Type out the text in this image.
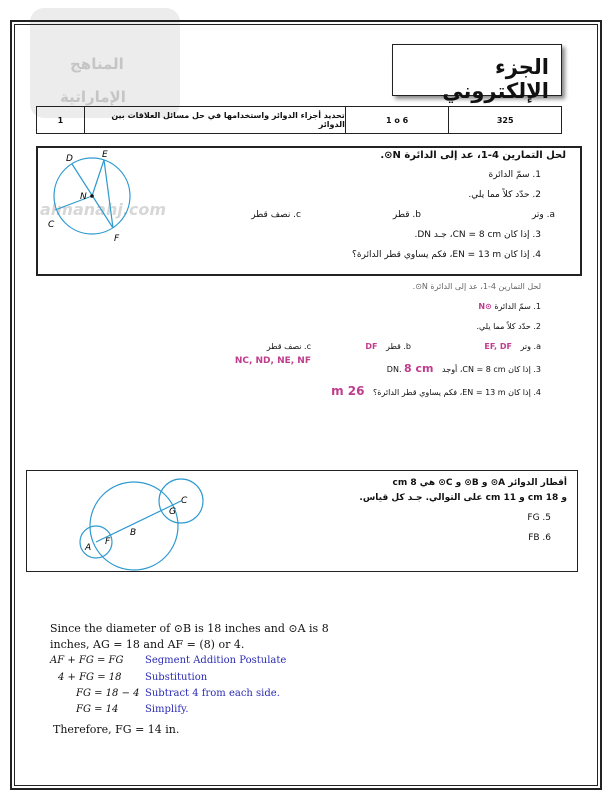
المناهج
الإماراتية
almanahj.com
الجزء الإلكتروني
1	تحديد أجزاء الدوائر واستخدامها في حل مسائل العلاقات بين الدوائر	1 o 6	325
D	E
N
C
F
لحل التمارين 4-1، عد إلى الدائرة N⊙.
1. سمّ الدائرة
2. حدّد كلاً مما يلي.
a. وتر
b. قطر
c. نصف قطر
3. إذا كان CN = 8 cm، جـد DN.
4. إذا كان EN = 13 m، فكم يساوي قطر الدائرة؟
لحل التمارين 4-1، عد إلى الدائرة N⊙.
1. سمّ الدائرة ⊙N
2. حدّد كلاً مما يلي.
a. وتر EF, DF
b. قطر DF
c. نصف قطر
NC, ND, NE, NF
3. إذا كان CN = 8 cm، أوجد DN. 8 cm
4. إذا كان EN = 13 m، فكم يساوي قطر الدائرة؟ 26 m
A
F
B
G
C
أقطار الدوائر A⊙ و B⊙ و C⊙ هي 8 cm
و 18 cm و 11 cm على التوالي. جـد كل قياس.
FG .5
FB .6
Since the diameter of ⊙B is 18 inches and ⊙A is 8
inches, AG = 18 and AF = (8) or 4.
AF + FG = FG Segment Addition Postulate
4 + FG = 18 Substitution
FG = 18 − 4 Subtract 4 from each side.
FG = 14	Simplify.
Therefore, FG = 14 in.
